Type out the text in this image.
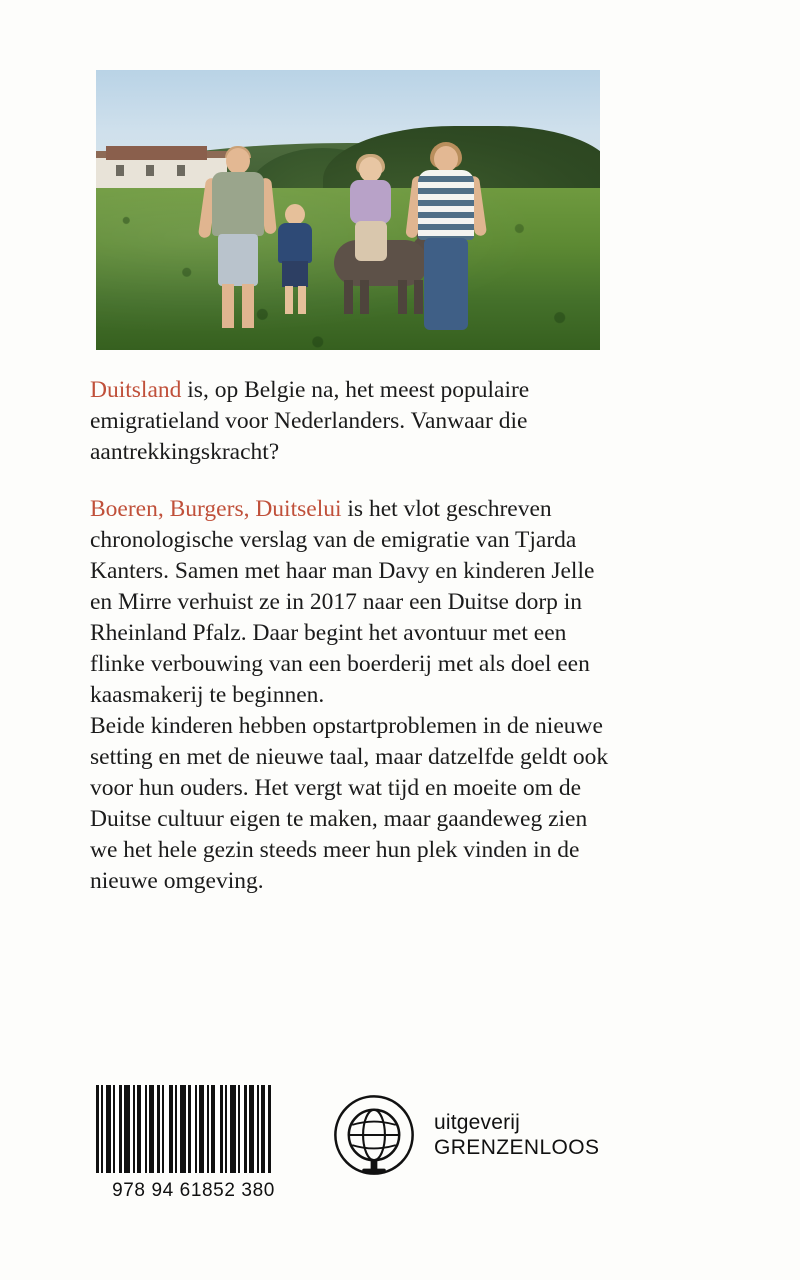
Duitsland is, op Belgie na, het meest populaire emigratieland voor Nederlanders. Vanwaar die aantrekkingskracht?

Boeren, Burgers, Duitselui is het vlot geschreven chronologische verslag van de emigratie van Tjarda Kanters. Samen met haar man Davy en kinderen Jelle en Mirre verhuist ze in 2017 naar een Duitse dorp in Rheinland Pfalz. Daar begint het avontuur met een flinke verbouwing van een boerderij met als doel een kaasmakerij te beginnen.

Beide kinderen hebben opstartproblemen in de nieuwe setting en met de nieuwe taal, maar datzelfde geldt ook voor hun ouders. Het vergt wat tijd en moeite om de Duitse cultuur eigen te maken, maar gaandeweg zien we het hele gezin steeds meer hun plek vinden in de nieuwe omgeving.

978 94 61852 380
uitgeverij
GRENZENLOOS
